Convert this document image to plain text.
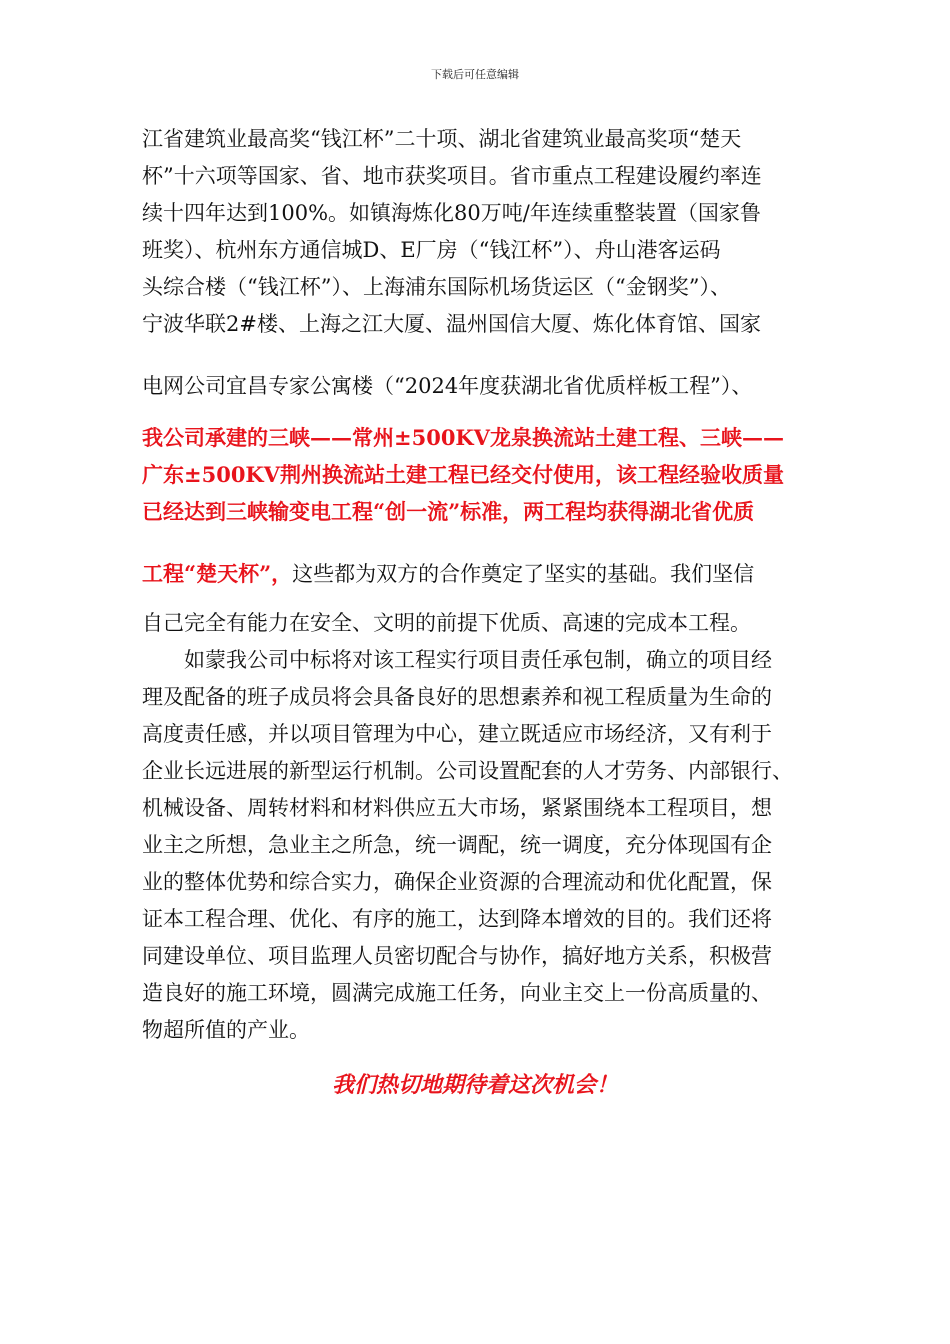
下载后可任意编辑
江省建筑业最高奖“钱江杯”二十项、湖北省建筑业最高奖项“楚天
杯”十六项等国家、省、地市获奖项目。省市重点工程建设履约率连
续十四年达到100%。如镇海炼化80万吨/年连续重整装置（国家鲁
班奖）、杭州东方通信城D、E厂房（“钱江杯”）、舟山港客运码
头综合楼（“钱江杯”）、上海浦东国际机场货运区（“金钢奖”）、
宁波华联2#楼、上海之江大厦、温州国信大厦、炼化体育馆、国家
电网公司宜昌专家公寓楼（“2024年度获湖北省优质样板工程”）、
我公司承建的三峡——常州±500KV龙泉换流站土建工程、三峡——
广东±500KV荆州换流站土建工程已经交付使用，该工程经验收质量
已经达到三峡输变电工程“创一流”标准，两工程均获得湖北省优质
工程“楚天杯”，这些都为双方的合作奠定了坚实的基础。我们坚信
自己完全有能力在安全、文明的前提下优质、高速的完成本工程。
　　如蒙我公司中标将对该工程实行项目责任承包制，确立的项目经
理及配备的班子成员将会具备良好的思想素养和视工程质量为生命的
高度责任感，并以项目管理为中心，建立既适应市场经济，又有利于
企业长远进展的新型运行机制。公司设置配套的人才劳务、内部银行、
机械设备、周转材料和材料供应五大市场，紧紧围绕本工程项目，想
业主之所想，急业主之所急，统一调配，统一调度，充分体现国有企
业的整体优势和综合实力，确保企业资源的合理流动和优化配置，保
证本工程合理、优化、有序的施工，达到降本增效的目的。我们还将
同建设单位、项目监理人员密切配合与协作，搞好地方关系，积极营
造良好的施工环境，圆满完成施工任务，向业主交上一份高质量的、
物超所值的产业。
我们热切地期待着这次机会！
